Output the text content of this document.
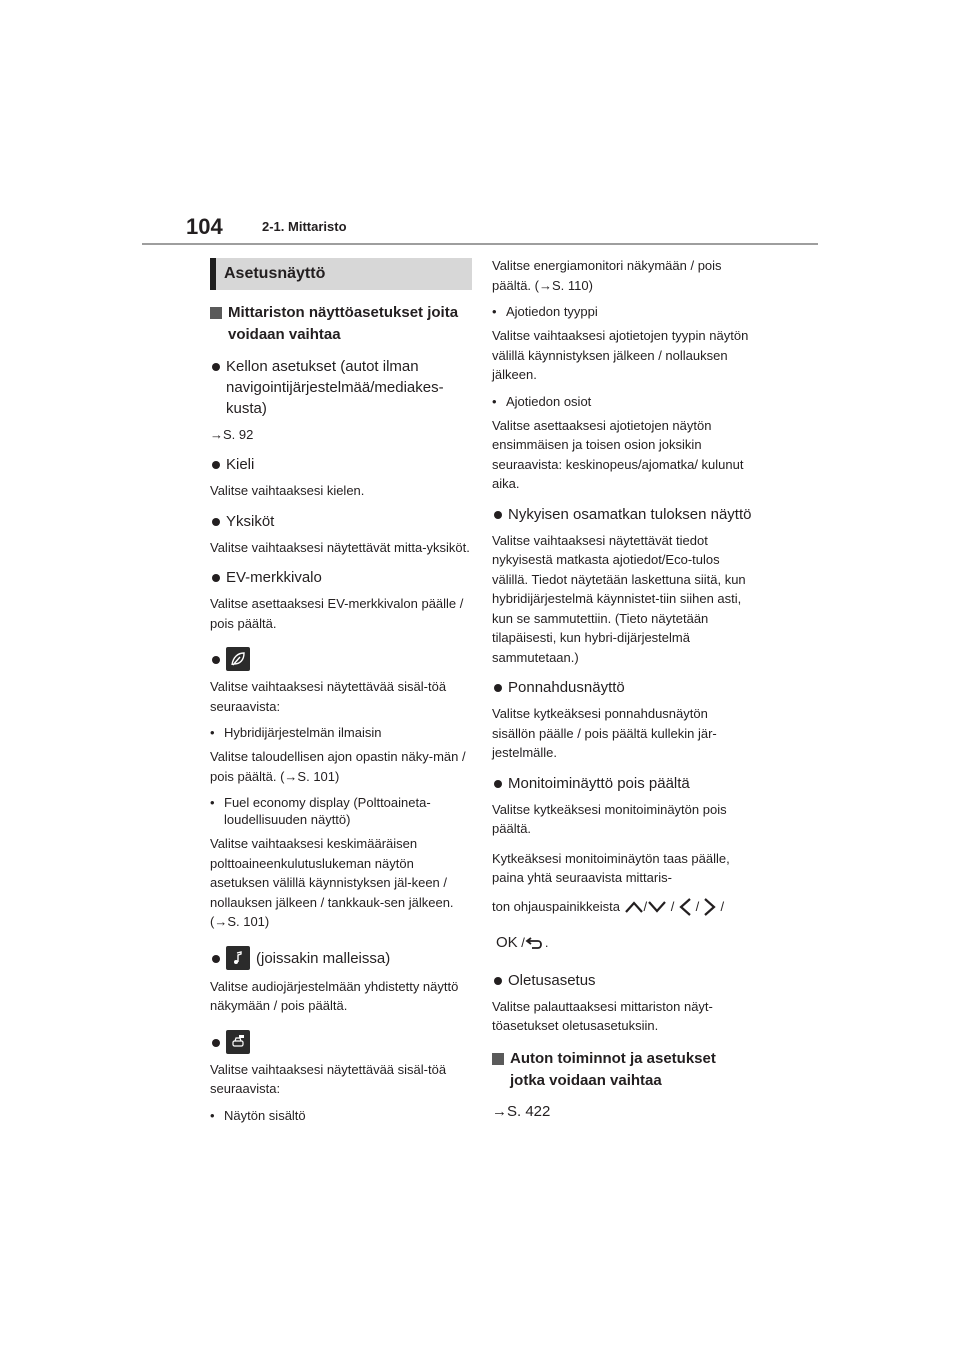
104	2-1. Mittaristo
Asetusnäyttö
Mittariston näyttöasetukset joita voidaan vaihtaa
Kellon asetukset (autot ilman navigointijärjestelmää/mediakes-kusta)
→S. 92
Kieli
Valitse vaihtaaksesi kielen.
Yksiköt
Valitse vaihtaaksesi näytettävät mitta-yksiköt.
EV-merkkivalo
Valitse asettaaksesi EV-merkkivalon päälle / pois päältä.
Valitse vaihtaaksesi näytettävää sisäl-töä seuraavista:
• Hybridijärjestelmän ilmaisin
Valitse taloudellisen ajon opastin näky-män / pois päältä. (→S. 101)
• Fuel economy display (Polttoaineta-loudellisuuden näyttö)
Valitse vaihtaaksesi keskimääräisen polttoaineenkulutuslukeman näytön asetuksen välillä käynnistyksen jäl-keen / nollauksen jälkeen / tankkauk-sen jälkeen. (→S. 101)
(joissakin malleissa)
Valitse audiojärjestelmään yhdistetty näyttö näkymään / pois päältä.
Valitse vaihtaaksesi näytettävää sisäl-töä seuraavista:
• Näytön sisältö
Valitse energiamonitori näkymään / pois päältä. (→S. 110)
• Ajotiedon tyyppi
Valitse vaihtaaksesi ajotietojen tyypin näytön välillä käynnistyksen jälkeen / nollauksen jälkeen.
• Ajotiedon osiot
Valitse asettaaksesi ajotietojen näytön ensimmäisen ja toisen osion joksikin seuraavista: keskinopeus/ajomatka/ kulunut aika.
Nykyisen osamatkan tuloksen näyttö
Valitse vaihtaaksesi näytettävät tiedot nykyisestä matkasta ajotiedot/Eco-tulos välillä. Tiedot näytetään laskettuna siitä, kun hybridijärjestelmä käynnistet-tiin siihen asti, kun se sammutettiin. (Tieto näytetään tilapäisesti, kun hybri-dijärjestelmä sammutetaan.)
Ponnahdusnäyttö
Valitse kytkeäksesi ponnahdusnäytön sisällön päälle / pois päältä kullekin jär-jestelmälle.
Monitoiminäyttö pois päältä
Valitse kytkeäksesi monitoiminäytön pois päältä.
Kytkeäksesi monitoiminäytön taas päälle, paina yhtä seuraavista mittaris-
ton ohjauspainikkeista / /  /  /
OK / .
Oletusasetus
Valitse palauttaaksesi mittariston näyt-töasetukset oletusasetuksiin.
Auton toiminnot ja asetukset jotka voidaan vaihtaa
→S. 422
